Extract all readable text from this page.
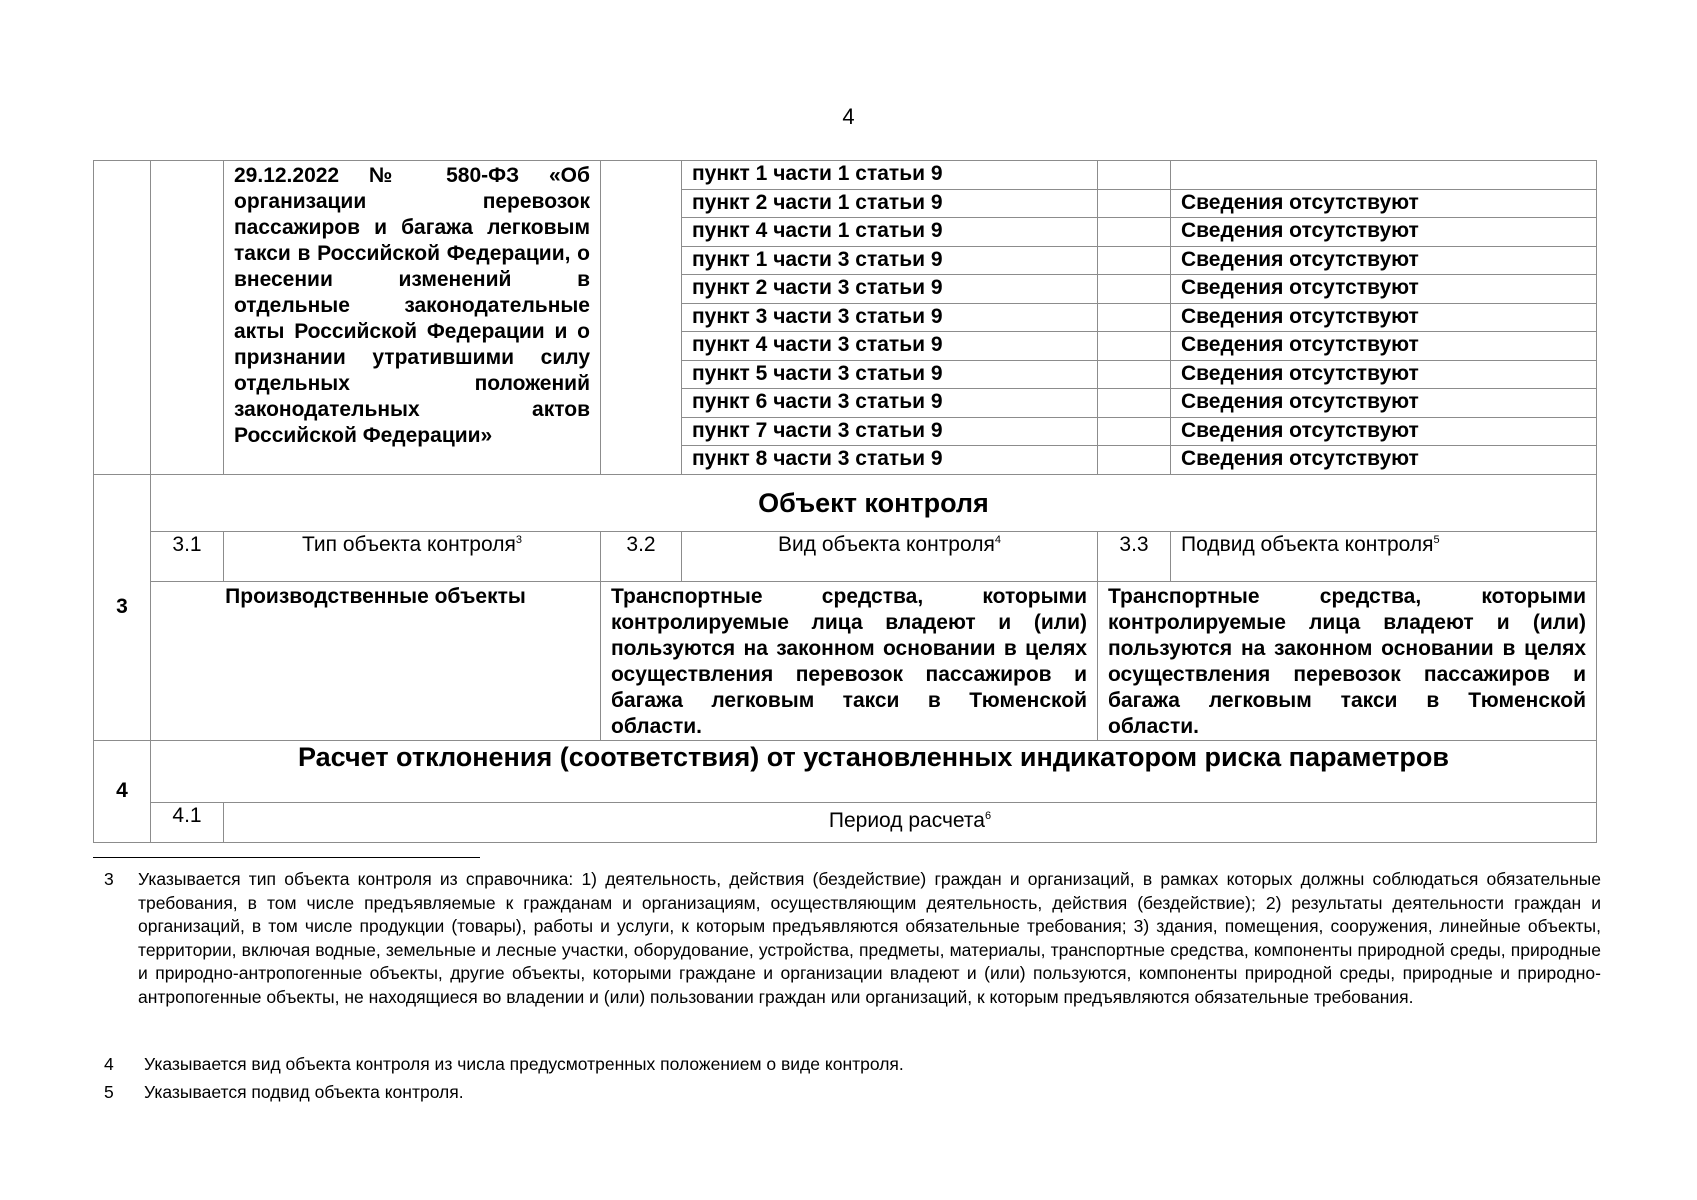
4

		29.12.2022 № 580-ФЗ «Об организации перевозок пассажиров и багажа легковым такси в Российской Федерации, о внесении изменений в отдельные законодательные акты Российской Федерации и о признании утратившими силу отдельных положений законодательных актов Российской Федерации»		пункт 1 части 1 статьи 9		
				пункт 2 части 1 статьи 9		Сведения отсутствуют
				пункт 4 части 1 статьи 9		Сведения отсутствуют
				пункт 1 части 3 статьи 9		Сведения отсутствуют
				пункт 2 части 3 статьи 9		Сведения отсутствуют
				пункт 3 части 3 статьи 9		Сведения отсутствуют
				пункт 4 части 3 статьи 9		Сведения отсутствуют
				пункт 5 части 3 статьи 9		Сведения отсутствуют
				пункт 6 части 3 статьи 9		Сведения отсутствуют
				пункт 7 части 3 статьи 9		Сведения отсутствуют
				пункт 8 части 3 статьи 9		Сведения отсутствуют
3	Объект контроля					
	3.1	Тип объекта контроля$^3$	3.2	Вид объекта контроля$^4$	3.3	Подвид объекта контроля$^5$
	Производственные объекты		Транспортные средства, которыми контролируемые лица владеют и (или) пользуются на законном основании в целях осуществления перевозок пассажиров и багажа легковым такси в Тюменской области.		Транспортные средства, которыми контролируемые лица владеют и (или) пользуются на законном основании в целях осуществления перевозок пассажиров и багажа легковым такси в Тюменской области.	
4	Расчет отклонения (соответствия) от установленных индикатором риска параметров					
	4.1	Период расчета$^6$
3 Указывается тип объекта контроля из справочника: 1) деятельность, действия (бездействие) граждан и организаций, в рамках которых должны соблюдаться обязательные требования, в том числе предъявляемые к гражданам и организациям, осуществляющим деятельность, действия (бездействие); 2) результаты деятельности граждан и организаций, в том числе продукции (товары), работы и услуги, к которым предъявляются обязательные требования; 3) здания, помещения, сооружения, линейные объекты, территории, включая водные, земельные и лесные участки, оборудование, устройства, предметы, материалы, транспортные средства, компоненты природной среды, природные и природно-антропогенные объекты, другие объекты, которыми граждане и организации владеют и (или) пользуются, компоненты природной среды, природные и природно-антропогенные объекты, не находящиеся во владении и (или) пользовании граждан или организаций, к которым предъявляются обязательные требования.
4 Указывается вид объекта контроля из числа предусмотренных положением о виде контроля.
5 Указывается подвид объекта контроля.
